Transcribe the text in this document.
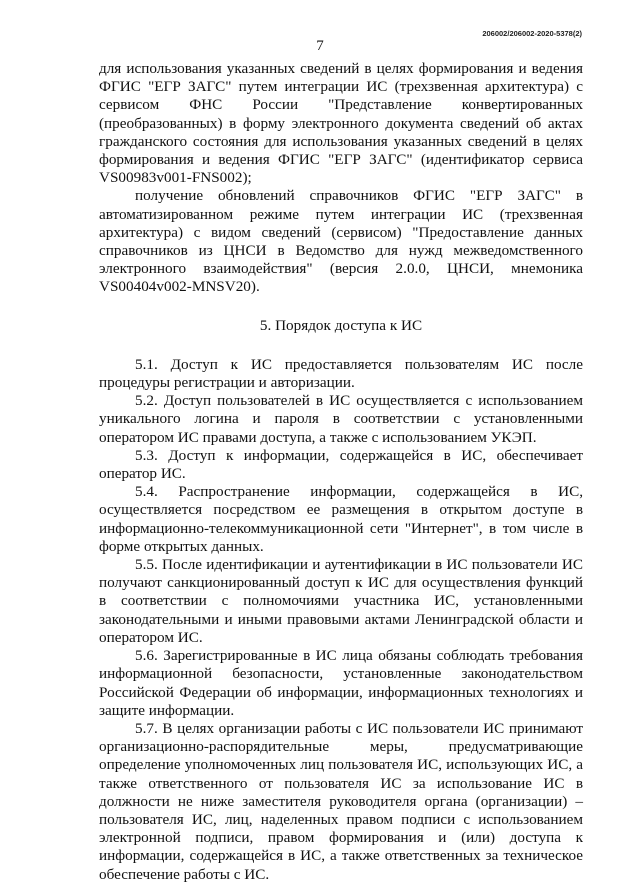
206002/206002-2020-5378(2)
7

для использования указанных сведений в целях формирования и ведения ФГИС "ЕГР ЗАГС" путем интеграции ИС (трехзвенная архитектура) с сервисом ФНС России "Представление конвертированных (преобразованных) в форму электронного документа сведений об актах гражданского состояния для использования указанных сведений в целях формирования и ведения ФГИС "ЕГР ЗАГС" (идентификатор сервиса VS00983v001-FNS002);

получение обновлений справочников ФГИС "ЕГР ЗАГС" в автоматизированном режиме путем интеграции ИС (трехзвенная архитектура) с видом сведений (сервисом) "Предоставление данных справочников из ЦНСИ в Ведомство для нужд межведомственного электронного взаимодействия" (версия 2.0.0, ЦНСИ, мнемоника VS00404v002-MNSV20).

5. Порядок доступа к ИС

5.1. Доступ к ИС предоставляется пользователям ИС после процедуры регистрации и авторизации.

5.2. Доступ пользователей в ИС осуществляется с использованием уникального логина и пароля в соответствии с установленными оператором ИС правами доступа, а также с использованием УКЭП.

5.3. Доступ к информации, содержащейся в ИС, обеспечивает оператор ИС.

5.4. Распространение информации, содержащейся в ИС, осуществляется посредством ее размещения в открытом доступе в информационно-телекоммуникационной сети "Интернет", в том числе в форме открытых данных.

5.5. После идентификации и аутентификации в ИС пользователи ИС получают санкционированный доступ к ИС для осуществления функций в соответствии с полномочиями участника ИС, установленными законодательными и иными правовыми актами Ленинградской области и оператором ИС.

5.6. Зарегистрированные в ИС лица обязаны соблюдать требования информационной безопасности, установленные законодательством Российской Федерации об информации, информационных технологиях и защите информации.

5.7. В целях организации работы с ИС пользователи ИС принимают организационно-распорядительные меры, предусматривающие определение уполномоченных лиц пользователя ИС, использующих ИС, а также ответственного от пользователя ИС за использование ИС в должности не ниже заместителя руководителя органа (организации) – пользователя ИС, лиц, наделенных правом подписи с использованием электронной подписи, правом формирования и (или) доступа к информации, содержащейся в ИС, а также ответственных за техническое обеспечение работы с ИС.
